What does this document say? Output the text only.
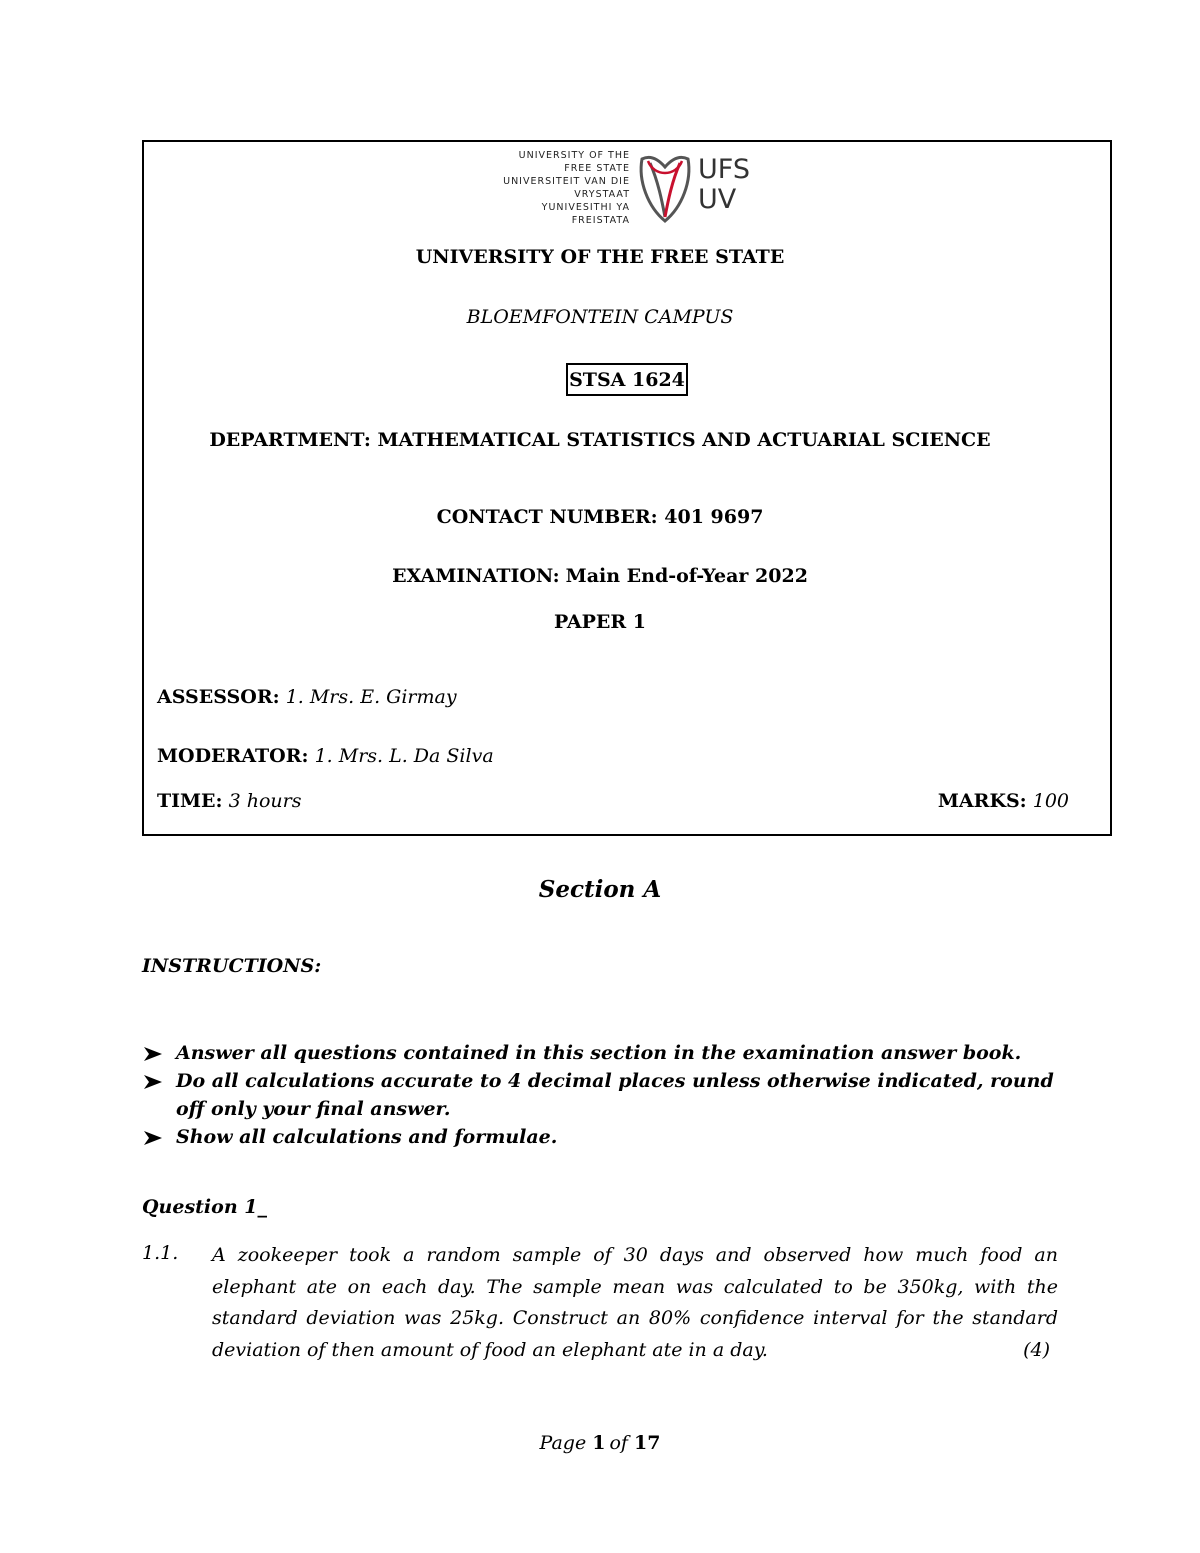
UNIVERSITY OF THE
FREE STATE
UNIVERSITEIT VAN DIE
VRYSTAAT
YUNIVESITHI YA
FREISTATA
UFS
UV
UNIVERSITY OF THE FREE STATE
BLOEMFONTEIN CAMPUS
STSA 1624
DEPARTMENT: MATHEMATICAL STATISTICS AND ACTUARIAL SCIENCE
CONTACT NUMBER: 401 9697
EXAMINATION: Main End-of-Year 2022
PAPER 1
ASSESSOR: 1. Mrs. E. Girmay
MODERATOR: 1. Mrs. L. Da Silva
TIME: 3 hours	MARKS: 100
Section A
INSTRUCTIONS:
Answer all questions contained in this section in the examination answer book.
Do all calculations accurate to 4 decimal places unless otherwise indicated, round
off only your final answer.
Show all calculations and formulae.
Question 1_
1.1. A zookeeper took a random sample of 30 days and observed how much food an
elephant ate on each day. The sample mean was calculated to be 350kg, with the
standard deviation was 25kg. Construct an 80% confidence interval for the standard
deviation of then amount of food an elephant ate in a day.	(4)
Page 1 of 17
